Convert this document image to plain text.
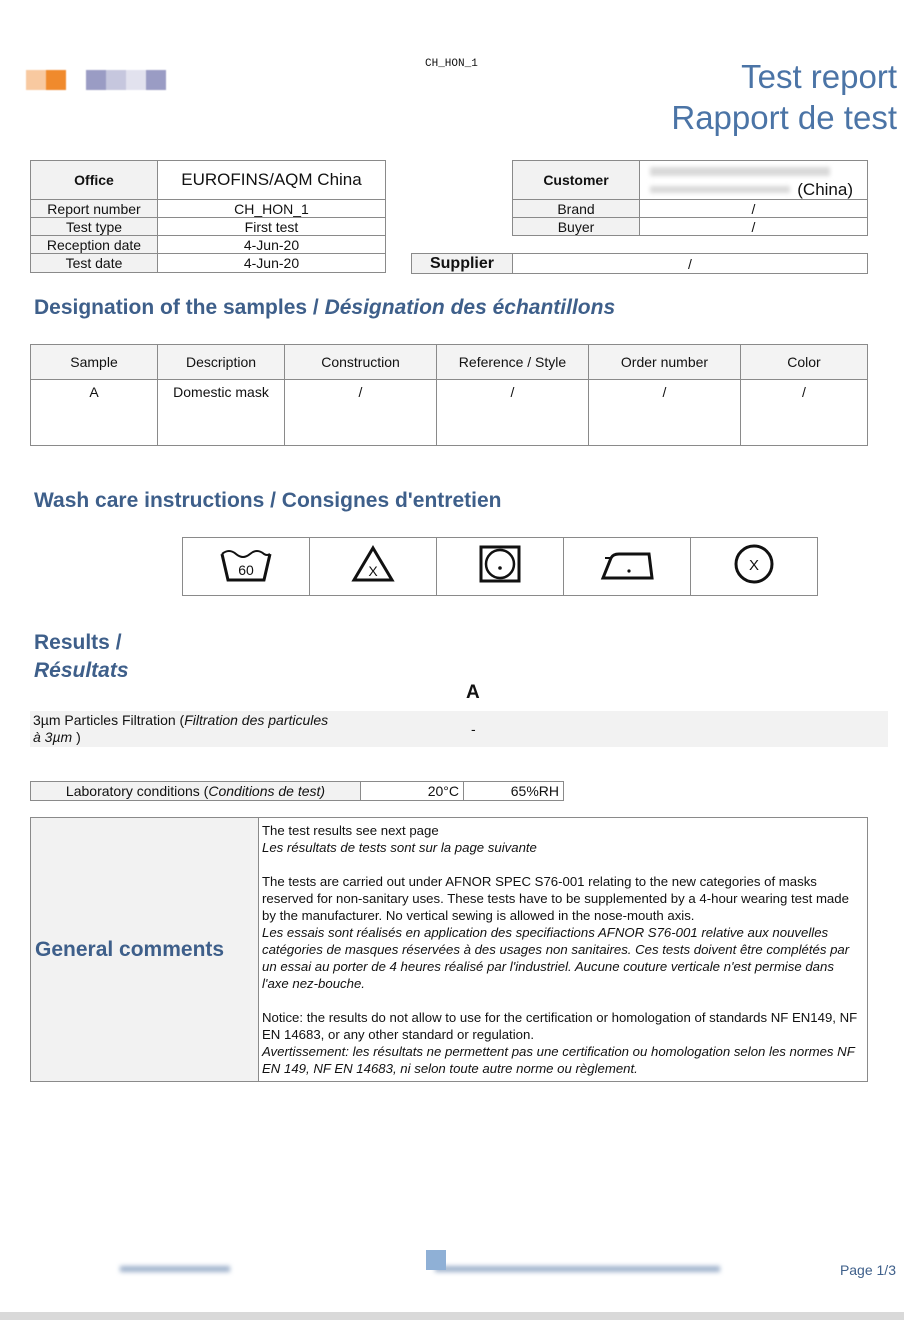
CH_HON_1	Test report
Rapport de test
Office	EUROFINS/AQM China
Report number	CH_HON_1
Test type	First test
Reception date	4-Jun-20
Test date	4-Jun-20
Customer	(China)
Brand	/
Buyer	/
Supplier	/
Designation of the samples / Désignation des échantillons
Sample	Description	Construction	Reference / Style	Order number	Color
A	Domestic mask	/	/	/	/
Wash care instructions / Consignes d'entretien
60	X			X
Results /
Résultats
A
3µm Particles Filtration (Filtration des particules
à 3µm )	-
Laboratory conditions (Conditions de test)	20°C	65%RH
General comments	

The test results see next page

Les résultats de tests sont sur la page suivante

The tests are carried out under AFNOR SPEC S76-001 relating to the new categories of masks reserved for non-sanitary uses. These tests have to be supplemented by a 4-hour wearing test made by the manufacturer. No vertical sewing is allowed in the nose-mouth axis.

Les essais sont réalisés en application des specifiactions AFNOR S76-001 relative aux nouvelles catégories de masques réservées à des usages non sanitaires. Ces tests doivent être complétés par un essai au porter de 4 heures réalisé par l'industriel. Aucune couture verticale n'est permise dans l'axe nez-bouche.

Notice: the results do not allow to use for the certification or homologation of standards NF EN149, NF EN 14683, or any other standard or regulation.

Avertissement: les résultats ne permettent pas une certification ou homologation selon les normes NF EN 149, NF EN 14683, ni selon toute autre norme ou règlement.

Page 1/3
